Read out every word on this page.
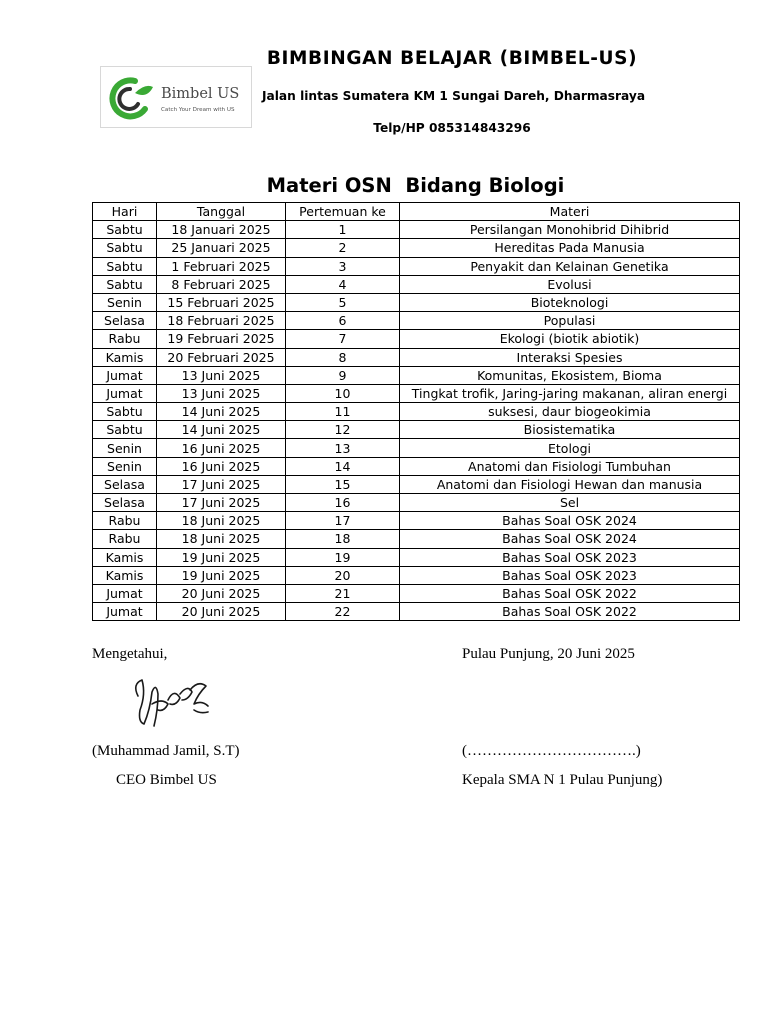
Bimbel US
Catch Your Dream with US
BIMBINGAN BELAJAR (BIMBEL-US)
Jalan lintas Sumatera KM 1 Sungai Dareh, Dharmasraya
Telp/HP 085314843296
Materi OSN  Bidang Biologi
Hari	Tanggal	Pertemuan ke	Materi
Sabtu	18 Januari 2025	1	Persilangan Monohibrid Dihibrid
Sabtu	25 Januari 2025	2	Hereditas Pada Manusia
Sabtu	1 Februari 2025	3	Penyakit dan Kelainan Genetika
Sabtu	8 Februari 2025	4	Evolusi
Senin	15 Februari 2025	5	Bioteknologi
Selasa	18 Februari 2025	6	Populasi
Rabu	19 Februari 2025	7	Ekologi (biotik abiotik)
Kamis	20 Februari 2025	8	Interaksi Spesies
Jumat	13 Juni 2025	9	Komunitas, Ekosistem, Bioma
Jumat	13 Juni 2025	10	Tingkat trofik, Jaring-jaring makanan, aliran energi
Sabtu	14 Juni 2025	11	suksesi, daur biogeokimia
Sabtu	14 Juni 2025	12	Biosistematika
Senin	16 Juni 2025	13	Etologi
Senin	16 Juni 2025	14	Anatomi dan Fisiologi Tumbuhan
Selasa	17 Juni 2025	15	Anatomi dan Fisiologi Hewan dan manusia
Selasa	17 Juni 2025	16	Sel
Rabu	18 Juni 2025	17	Bahas Soal OSK 2024
Rabu	18 Juni 2025	18	Bahas Soal OSK 2024
Kamis	19 Juni 2025	19	Bahas Soal OSK 2023
Kamis	19 Juni 2025	20	Bahas Soal OSK 2023
Jumat	20 Juni 2025	21	Bahas Soal OSK 2022
Jumat	20 Juni 2025	22	Bahas Soal OSK 2022
Mengetahui,	Pulau Punjung, 20 Juni 2025
(Muhammad Jamil, S.T)	(…………………………….)
CEO Bimbel US	Kepala SMA N 1 Pulau Punjung)
